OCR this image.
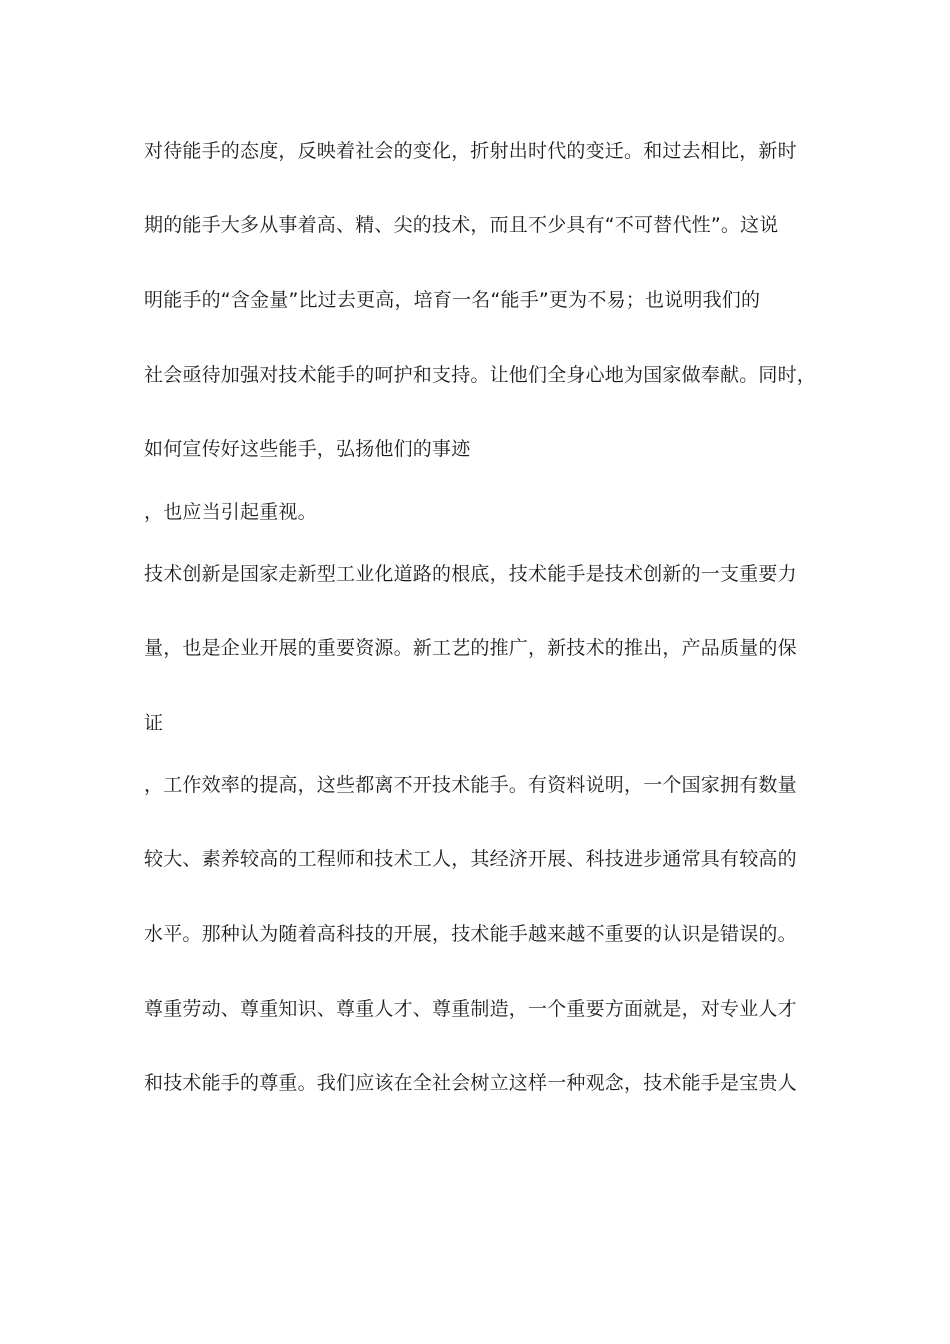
对待能手的态度，反映着社会的变化，折射出时代的变迁。和过去相比，新时
期的能手大多从事着高、精、尖的技术，而且不少具有“不可替代性”。这说
明能手的“含金量”比过去更高，培育一名“能手”更为不易；也说明我们的
社会亟待加强对技术能手的呵护和支持。让他们全身心地为国家做奉献。同时，
如何宣传好这些能手，弘扬他们的事迹
，也应当引起重视。
技术创新是国家走新型工业化道路的根底，技术能手是技术创新的一支重要力
量，也是企业开展的重要资源。新工艺的推广，新技术的推出，产品质量的保
证
，工作效率的提高，这些都离不开技术能手。有资料说明，一个国家拥有数量
较大、素养较高的工程师和技术工人，其经济开展、科技进步通常具有较高的
水平。那种认为随着高科技的开展，技术能手越来越不重要的认识是错误的。
尊重劳动、尊重知识、尊重人才、尊重制造，一个重要方面就是，对专业人才
和技术能手的尊重。我们应该在全社会树立这样一种观念，技术能手是宝贵人
